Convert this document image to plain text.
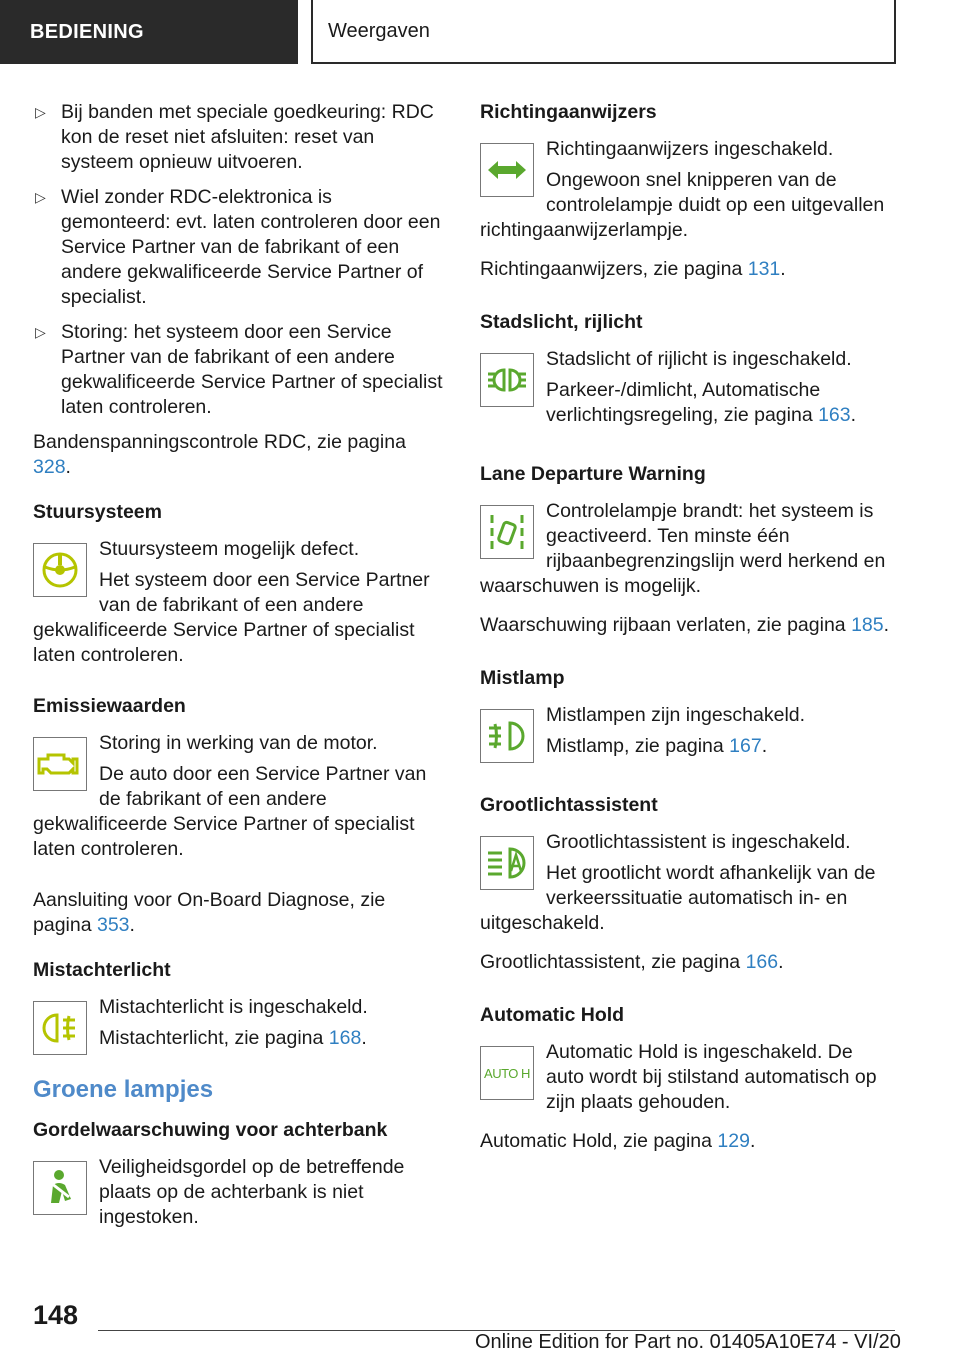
BEDIENING	Weergaven
▷ Bij banden met speciale goedkeuring: RDC kon de reset niet afsluiten: reset van systeem opnieuw uitvoeren.
▷ Wiel zonder RDC-elektronica is gemonteerd: evt. laten controleren door een Service Partner van de fabrikant of een andere gekwalificeerde Service Partner of specialist.
▷ Storing: het systeem door een Service Partner van de fabrikant of een andere gekwalificeerde Service Partner of specialist laten controleren.

Bandenspanningscontrole RDC, zie pagina 328.

Stuursysteem

Stuursysteem mogelijk defect.

Het systeem door een Service Partner van de fabrikant of een andere gekwalificeerde Service Partner of specialist laten controleren.

Emissiewaarden

Storing in werking van de motor.

De auto door een Service Partner van de fabrikant of een andere gekwalificeerde Service Partner of specialist laten controleren.

Aansluiting voor On-Board Diagnose, zie pagina 353.

Mistachterlicht

Mistachterlicht is ingeschakeld.

Mistachterlicht, zie pagina 168.

Groene lampjes

Gordelwaarschuwing voor achterbank

Veiligheidsgordel op de betreffende plaats op de achterbank is niet ingestoken.

Richtingaanwijzers

Richtingaanwijzers ingeschakeld.

Ongewoon snel knipperen van de controlelampje duidt op een uitgevallen richtingaanwijzerlampje.

Richtingaanwijzers, zie pagina 131.

Stadslicht, rijlicht

Stadslicht of rijlicht is ingeschakeld.

Parkeer-/dimlicht, Automatische verlichtingsregeling, zie pagina 163.

Lane Departure Warning

Controlelampje brandt: het systeem is geactiveerd. Ten minste één rijbaanbegrenzingslijn werd herkend en waarschuwen is mogelijk.

Waarschuwing rijbaan verlaten, zie pagina 185.

Mistlamp

Mistlampen zijn ingeschakeld.

Mistlamp, zie pagina 167.

Grootlichtassistent

Grootlichtassistent is ingeschakeld.

Het grootlicht wordt afhankelijk van de verkeerssituatie automatisch in- en uitgeschakeld.

Grootlichtassistent, zie pagina 166.

Automatic Hold

AUTO H

Automatic Hold is ingeschakeld. De auto wordt bij stilstand automatisch op zijn plaats gehouden.

Automatic Hold, zie pagina 129.

148
Online Edition for Part no. 01405A10E74 - VI/20
